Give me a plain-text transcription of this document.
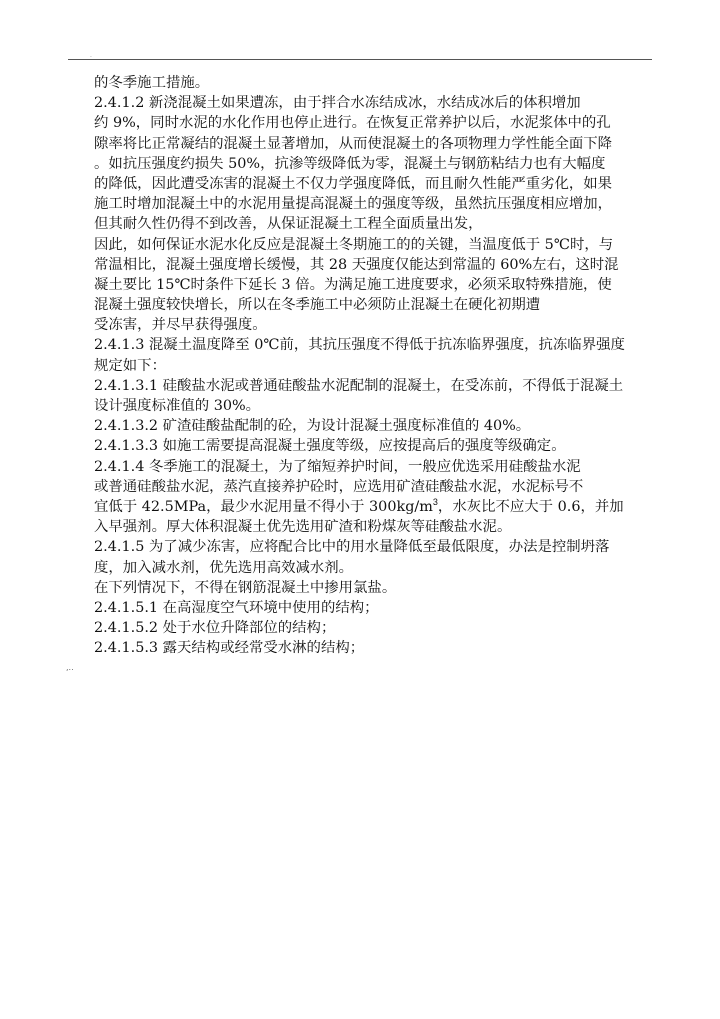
.
的冬季施工措施。
2.4.1.2 新浇混凝土如果遭冻，由于拌合水冻结成冰，水结成冰后的体积增加
约 9%，同时水泥的水化作用也停止进行。在恢复正常养护以后，水泥浆体中的孔
隙率将比正常凝结的混凝土显著增加，从而使混凝土的各项物理力学性能全面下降
。如抗压强度约损失 50%，抗渗等级降低为零，混凝土与钢筋粘结力也有大幅度
的降低，因此遭受冻害的混凝土不仅力学强度降低，而且耐久性能严重劣化，如果
施工时增加混凝土中的水泥用量提高混凝土的强度等级，虽然抗压强度相应增加，
但其耐久性仍得不到改善，从保证混凝土工程全面质量出发，
因此，如何保证水泥水化反应是混凝土冬期施工的的关键，当温度低于 5℃时，与
常温相比，混凝土强度增长缓慢，其 28 天强度仅能达到常温的 60%左右，这时混
凝土要比 15℃时条件下延长 3 倍。为满足施工进度要求，必须采取特殊措施，使
混凝土强度较快增长，所以在冬季施工中必须防止混凝土在硬化初期遭
受冻害，并尽早获得强度。
2.4.1.3 混凝土温度降至 0℃前，其抗压强度不得低于抗冻临界强度，抗冻临界强度
规定如下：
2.4.1.3.1 硅酸盐水泥或普通硅酸盐水泥配制的混凝土，在受冻前，不得低于混凝土
设计强度标准值的 30%。
2.4.1.3.2 矿渣硅酸盐配制的砼，为设计混凝土强度标准值的 40%。
2.4.1.3.3 如施工需要提高混凝土强度等级，应按提高后的强度等级确定。
2.4.1.4 冬季施工的混凝土，为了缩短养护时间，一般应优选采用硅酸盐水泥
或普通硅酸盐水泥，蒸汽直接养护砼时，应选用矿渣硅酸盐水泥，水泥标号不
宜低于 42.5MPa，最少水泥用量不得小于 $300kg/m^3$，水灰比不应大于 0.6，并加
入早强剂。厚大体积混凝土优先选用矿渣和粉煤灰等硅酸盐水泥。
2.4.1.5 为了减少冻害，应将配合比中的用水量降低至最低限度，办法是控制坍落
度，加入减水剂，优先选用高效减水剂。
在下列情况下，不得在钢筋混凝土中掺用氯盐。
2.4.1.5.1 在高湿度空气环境中使用的结构；
2.4.1.5.2 处于水位升降部位的结构；
2.4.1.5.3 露天结构或经常受水淋的结构；
,..
